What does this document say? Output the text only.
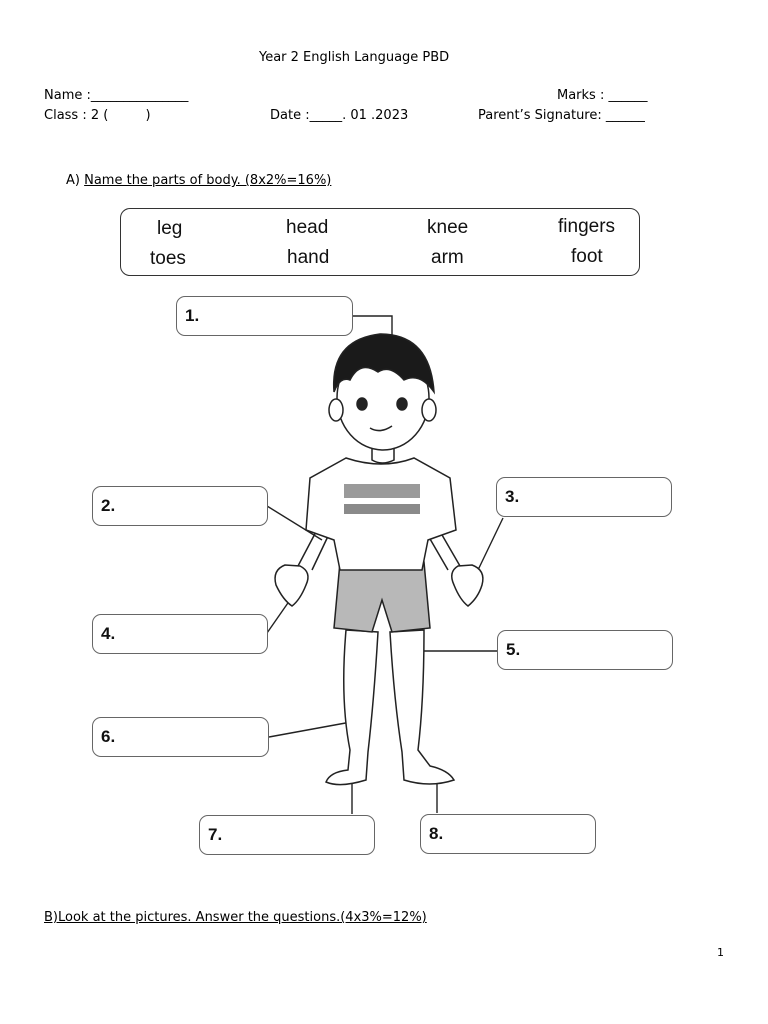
Year 2 English Language PBD
Name :_______________	Marks : ______
Class : 2 (         )	Date :_____. 01 .2023	Parent’s Signature: ______
A) Name the parts of body. (8x2%=16%)
leg	head	knee	fingers
toes	hand	arm	foot
1.
2.	3.
4.
5.
6.
7.	8.
B)Look at the pictures. Answer the questions.(4x3%=12%)
1
